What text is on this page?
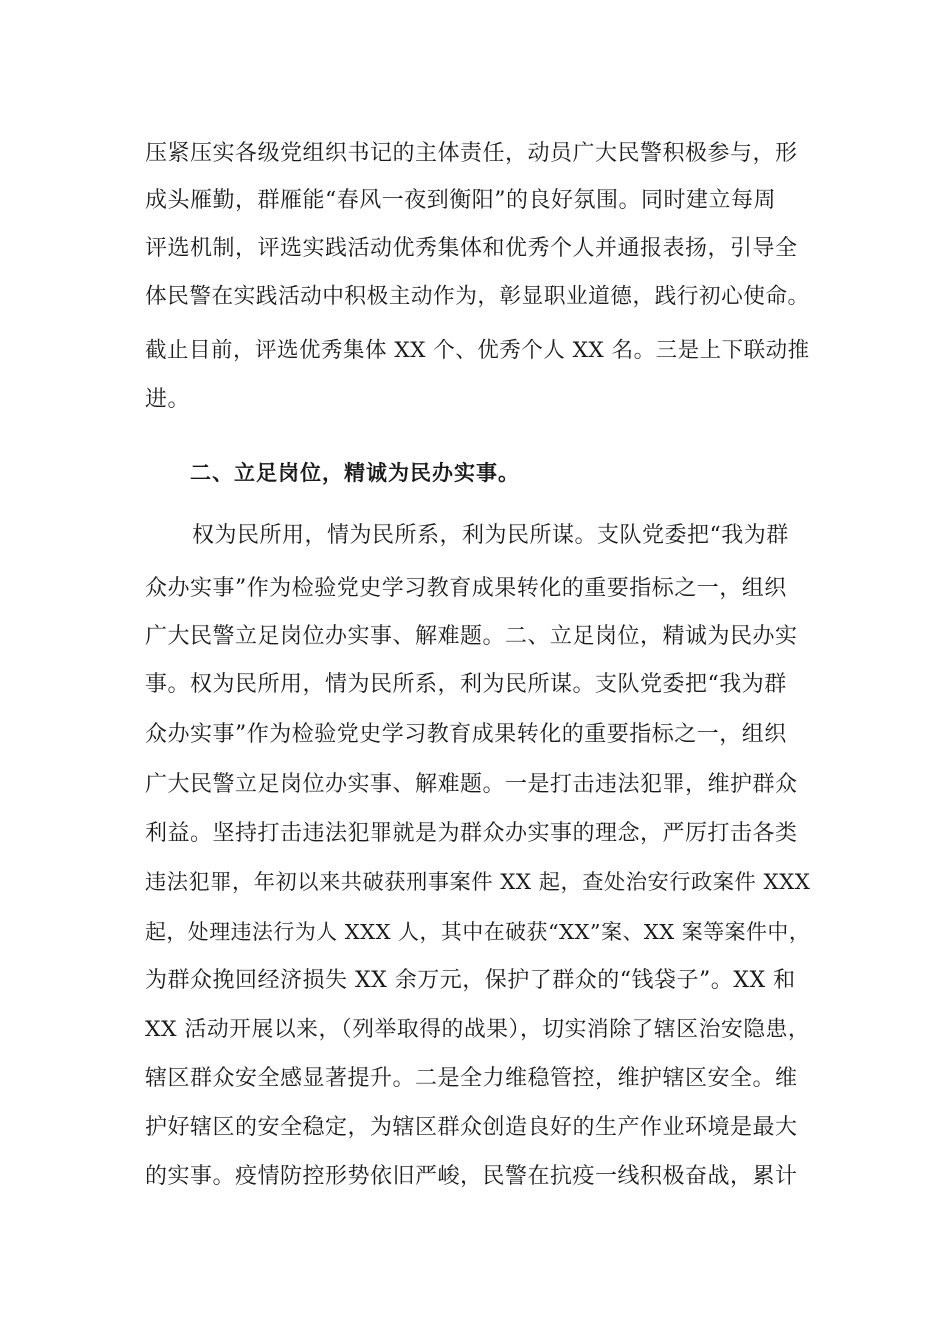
压紧压实各级党组织书记的主体责任，动员广大民警积极参与，形
成头雁勤，群雁能“春风一夜到衡阳”的良好氛围。同时建立每周
评选机制，评选实践活动优秀集体和优秀个人并通报表扬，引导全
体民警在实践活动中积极主动作为，彰显职业道德，践行初心使命。
截止目前，评选优秀集体 XX 个、优秀个人 XX 名。三是上下联动推
进。
二、立足岗位，精诚为民办实事。
权为民所用，情为民所系，利为民所谋。支队党委把“我为群
众办实事”作为检验党史学习教育成果转化的重要指标之一，组织
广大民警立足岗位办实事、解难题。二、立足岗位，精诚为民办实
事。权为民所用，情为民所系，利为民所谋。支队党委把“我为群
众办实事”作为检验党史学习教育成果转化的重要指标之一，组织
广大民警立足岗位办实事、解难题。一是打击违法犯罪，维护群众
利益。坚持打击违法犯罪就是为群众办实事的理念，严厉打击各类
违法犯罪，年初以来共破获刑事案件 XX 起，查处治安行政案件 XXX
起，处理违法行为人 XXX 人，其中在破获“XX”案、XX 案等案件中，
为群众挽回经济损失 XX 余万元，保护了群众的“钱袋子”。XX 和
XX 活动开展以来，（列举取得的战果），切实消除了辖区治安隐患，
辖区群众安全感显著提升。二是全力维稳管控，维护辖区安全。维
护好辖区的安全稳定，为辖区群众创造良好的生产作业环境是最大
的实事。疫情防控形势依旧严峻，民警在抗疫一线积极奋战，累计
